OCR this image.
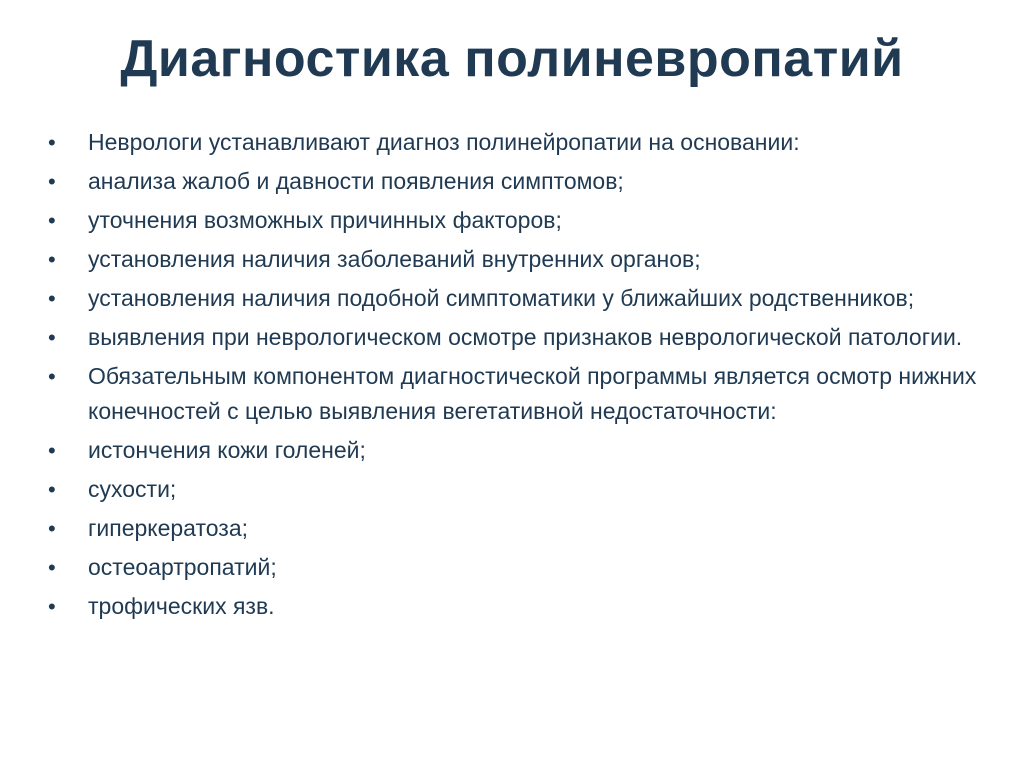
Диагностика полиневропатий
• Неврологи устанавливают диагноз полинейропатии на основании:
• анализа жалоб и давности появления симптомов;
• уточнения возможных причинных факторов;
• установления наличия заболеваний внутренних органов;
• установления наличия подобной симптоматики у ближайших родственников;
• выявления при неврологическом осмотре признаков неврологической патологии.
• Обязательным компонентом диагностической программы является осмотр нижних конечностей с целью выявления вегетативной недостаточности:
• истончения кожи голеней;
• сухости;
• гиперкератоза;
• остеоартропатий;
• трофических язв.
